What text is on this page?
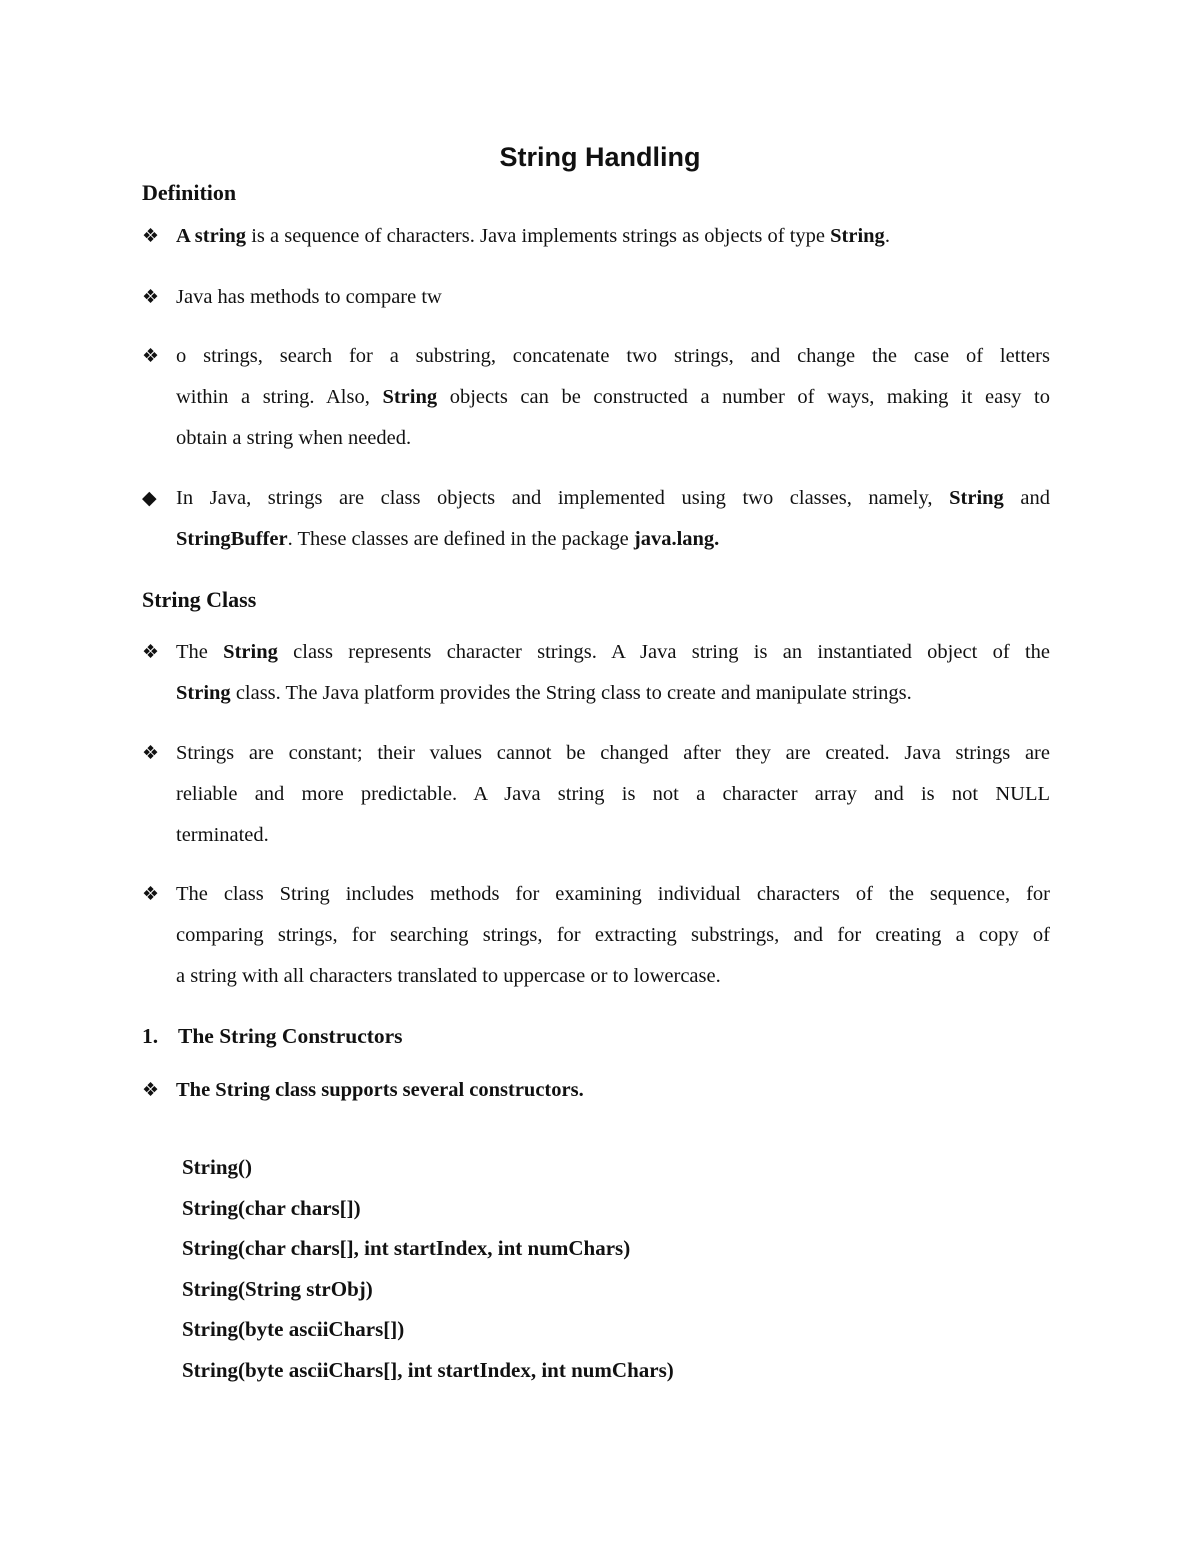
String Handling
Definition
❖ A string is a sequence of characters. Java implements strings as objects of type String.
❖ Java has methods to compare tw
❖ o strings, search for a substring, concatenate two strings, and change the case of letters
within a string. Also, String objects can be constructed a number of ways, making it easy to
obtain a string when needed.
◆ In Java, strings are class objects and implemented using two classes, namely, String and
StringBuffer. These classes are defined in the package java.lang.
String Class
❖ The String class represents character strings. A Java string is an instantiated object of the
String class. The Java platform provides the String class to create and manipulate strings.
❖ Strings are constant; their values cannot be changed after they are created. Java strings are
reliable and more predictable. A Java string is not a character array and is not NULL
terminated.
❖ The class String includes methods for examining individual characters of the sequence, for
comparing strings, for searching strings, for extracting substrings, and for creating a copy of
a string with all characters translated to uppercase or to lowercase.
1. The String Constructors
❖ The String class supports several constructors.
String()
String(char chars[])
String(char chars[], int startIndex, int numChars)
String(String strObj)
String(byte asciiChars[])
String(byte asciiChars[], int startIndex, int numChars)
